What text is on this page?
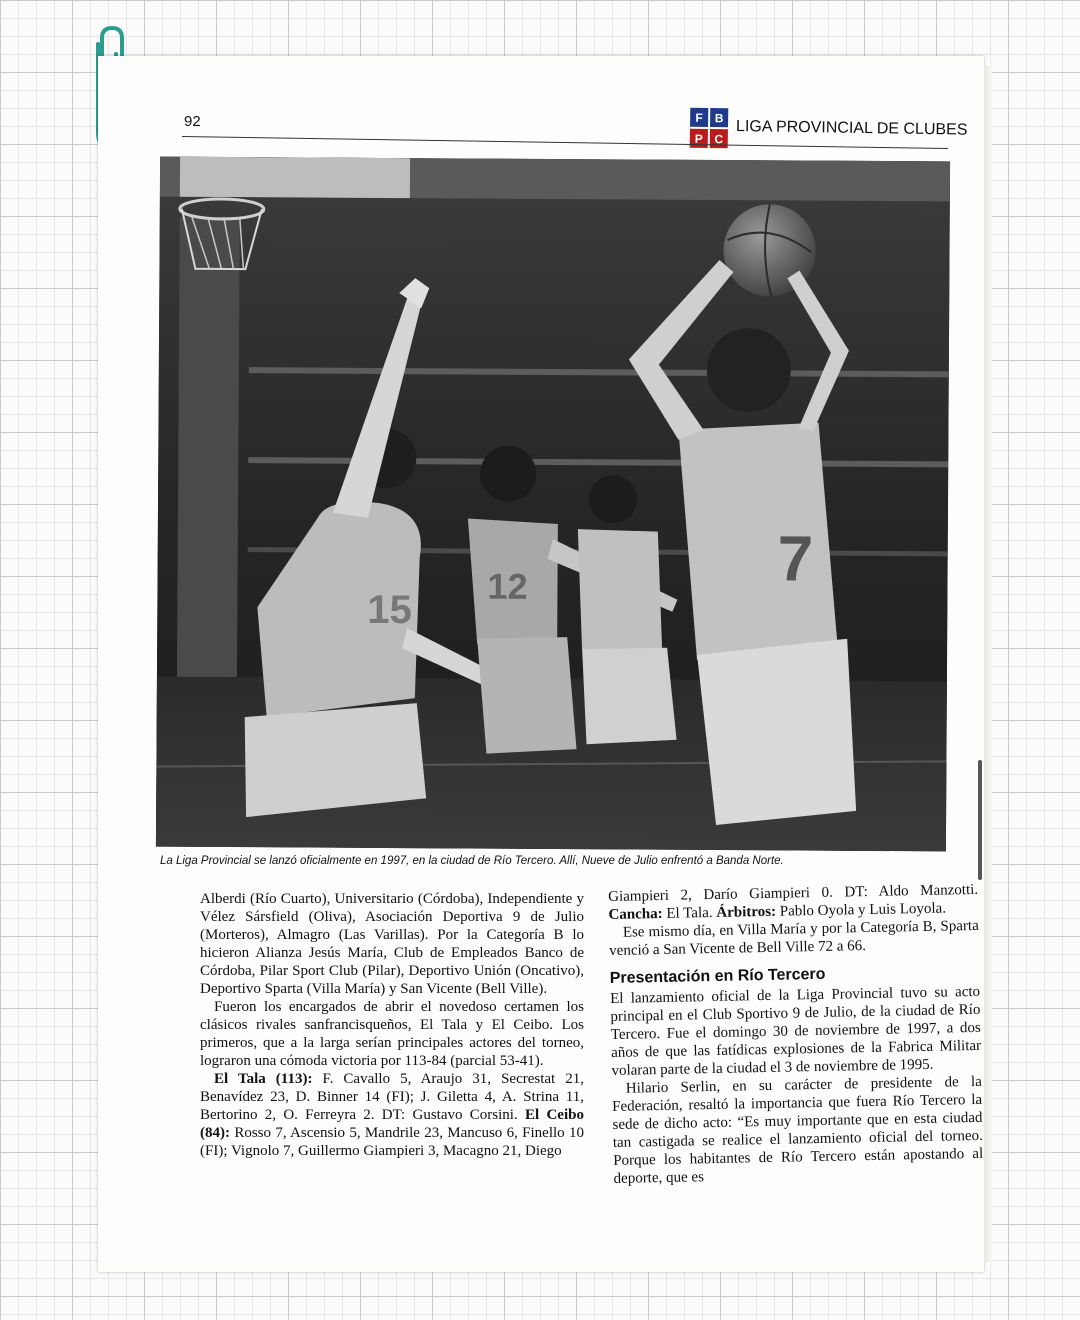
92	F B
P C
LIGA PROVINCIAL DE CLUBES
15
12	7
La Liga Provincial se lanzó oficialmente en 1997, en la ciudad de Río Tercero. Allí, Nueve de Julio enfrentó a Banda Norte.

Alberdi (Río Cuarto), Universitario (Córdoba), Independiente y Vélez Sársfield (Oliva), Asociación Deportiva 9 de Julio (Morteros), Almagro (Las Varillas). Por la Categoría B lo hicieron Alianza Jesús María, Club de Empleados Banco de Córdoba, Pilar Sport Club (Pilar), Deportivo Unión (Oncativo), Deportivo Sparta (Villa María) y San Vicente (Bell Ville).

Fueron los encargados de abrir el novedoso certamen los clásicos rivales sanfrancisqueños, El Tala y El Ceibo. Los primeros, que a la larga serían principales actores del torneo, lograron una cómoda victoria por 113-84 (parcial 53-41).

El Tala (113): F. Cavallo 5, Araujo 31, Secrestat 21, Benavídez 23, D. Binner 14 (FI); J. Giletta 4, A. Strina 11, Bertorino 2, O. Ferreyra 2. DT: Gustavo Corsini. El Ceibo (84): Rosso 7, Ascensio 5, Mandrile 23, Mancuso 6, Finello 10 (FI); Vignolo 7, Guillermo Giampieri 3, Macagno 21, Diego

Giampieri 2, Darío Giampieri 0. DT: Aldo Manzotti. Cancha: El Tala. Árbitros: Pablo Oyola y Luis Loyola.

Ese mismo día, en Villa María y por la Categoría B, Sparta venció a San Vicente de Bell Ville 72 a 66.

Presentación en Río Tercero

El lanzamiento oficial de la Liga Provincial tuvo su acto principal en el Club Sportivo 9 de Julio, de la ciudad de Río Tercero. Fue el domingo 30 de noviembre de 1997, a dos años de que las fatídicas explosiones de la Fabrica Militar volaran parte de la ciudad el 3 de noviembre de 1995.

Hilario Serlin, en su carácter de presidente de la Federación, resaltó la importancia que fuera Río Tercero la sede de dicho acto: “Es muy importante que en esta ciudad tan castigada se realice el lanzamiento oficial del torneo. Porque los habitantes de Río Tercero están apostando al deporte, que es
